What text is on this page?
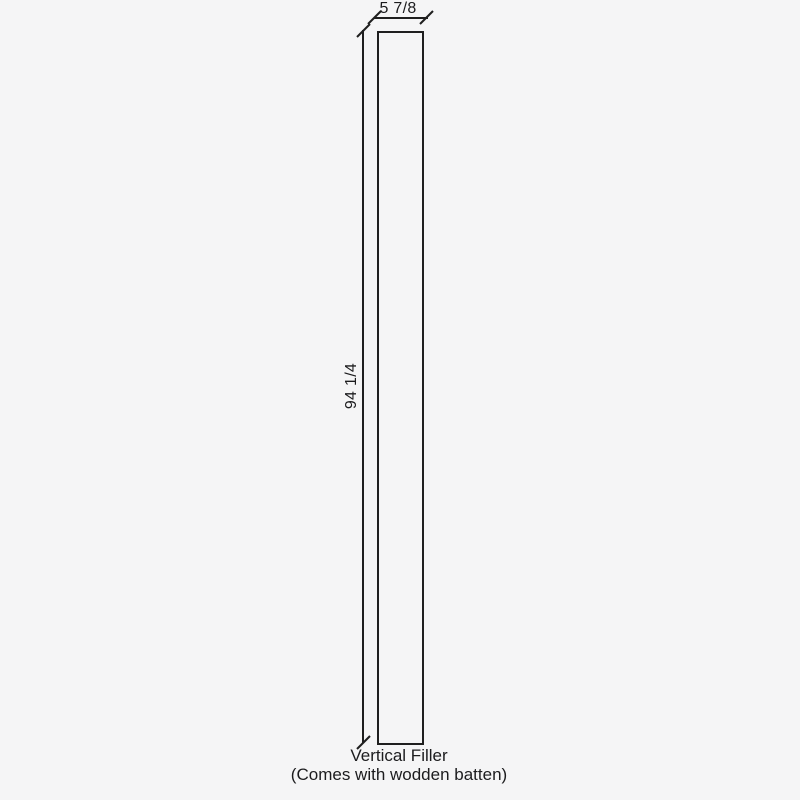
5 7/8
94 1/4
Vertical Filler
(Comes with wodden batten)
